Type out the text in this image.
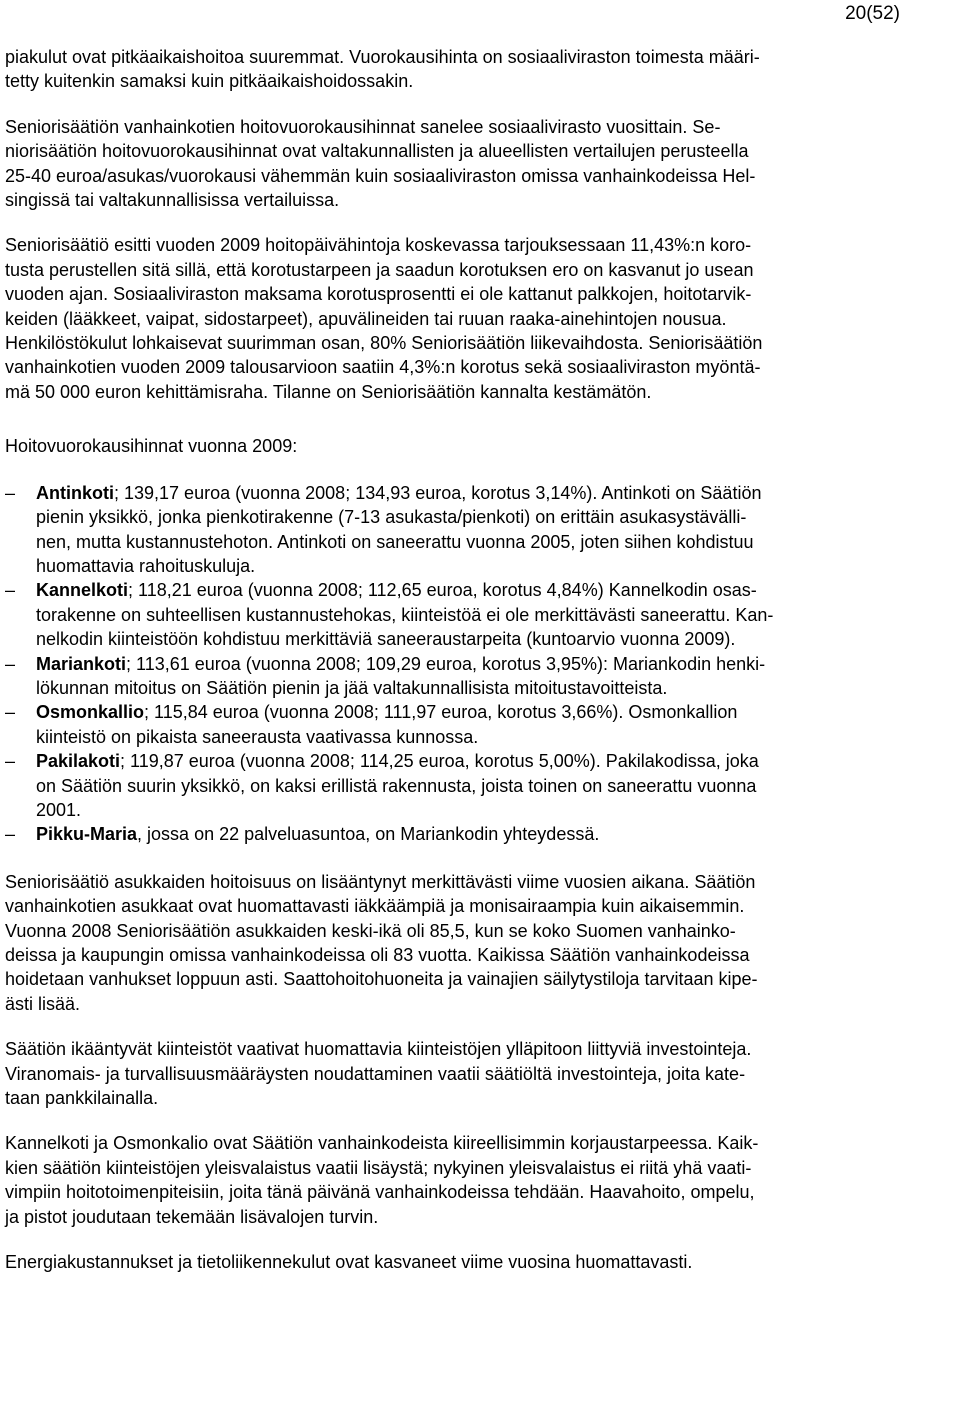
20(52)

piakulut ovat pitkäaikaishoitoa suuremmat. Vuorokausihinta on sosiaaliviraston toimesta määri-
tetty kuitenkin samaksi kuin pitkäaikaishoidossakin.

Seniorisäätiön vanhainkotien hoitovuorokausihinnat sanelee sosiaalivirasto vuosittain. Se-
niorisäätiön hoitovuorokausihinnat ovat valtakunnallisten ja alueellisten vertailujen perusteella
25-40 euroa/asukas/vuorokausi vähemmän kuin sosiaaliviraston omissa vanhainkodeissa Hel-
singissä tai valtakunnallisissa vertailuissa.

Seniorisäätiö esitti vuoden 2009 hoitopäivähintoja koskevassa tarjouksessaan 11,43%:n koro-
tusta perustellen sitä sillä, että korotustarpeen ja saadun korotuksen ero on kasvanut jo usean
vuoden ajan. Sosiaaliviraston maksama korotusprosentti ei ole kattanut palkkojen, hoitotarvik-
keiden (lääkkeet, vaipat, sidostarpeet), apuvälineiden tai ruuan raaka-ainehintojen nousua.
Henkilöstökulut lohkaisevat suurimman osan, 80% Seniorisäätiön liikevaihdosta. Seniorisäätiön
vanhainkotien vuoden 2009 talousarvioon saatiin 4,3%:n korotus sekä sosiaaliviraston myöntä-
mä 50 000 euron kehittämisraha. Tilanne on Seniorisäätiön kannalta kestämätön.

Hoitovuorokausihinnat vuonna 2009:

–	Antinkoti; 139,17 euroa (vuonna 2008; 134,93 euroa, korotus 3,14%). Antinkoti on Säätiön
pienin yksikkö, jonka pienkotirakenne (7-13 asukasta/pienkoti) on erittäin asukasystävälli-
nen, mutta kustannustehoton. Antinkoti on saneerattu vuonna 2005, joten siihen kohdistuu
huomattavia rahoituskuluja.
–	Kannelkoti; 118,21 euroa (vuonna 2008; 112,65 euroa, korotus 4,84%) Kannelkodin osas-
torakenne on suhteellisen kustannustehokas, kiinteistöä ei ole merkittävästi saneerattu. Kan-
nelkodin kiinteistöön kohdistuu merkittäviä saneeraustarpeita (kuntoarvio vuonna 2009).
–	Mariankoti; 113,61 euroa (vuonna 2008; 109,29 euroa, korotus 3,95%): Mariankodin henki-
lökunnan mitoitus on Säätiön pienin ja jää valtakunnallisista mitoitustavoitteista.
–	Osmonkallio; 115,84 euroa (vuonna 2008; 111,97 euroa, korotus 3,66%). Osmonkallion
kiinteistö on pikaista saneerausta vaativassa kunnossa.
–	Pakilakoti; 119,87 euroa (vuonna 2008; 114,25 euroa, korotus 5,00%). Pakilakodissa, joka
on Säätiön suurin yksikkö, on kaksi erillistä rakennusta, joista toinen on saneerattu vuonna
2001.
–	Pikku-Maria, jossa on 22 palveluasuntoa, on Mariankodin yhteydessä.

Seniorisäätiö asukkaiden hoitoisuus on lisääntynyt merkittävästi viime vuosien aikana. Säätiön
vanhainkotien asukkaat ovat huomattavasti iäkkäämpiä ja monisairaampia kuin aikaisemmin.
Vuonna 2008 Seniorisäätiön asukkaiden keski-ikä oli 85,5, kun se koko Suomen vanhainko-
deissa ja kaupungin omissa vanhainkodeissa oli 83 vuotta. Kaikissa Säätiön vanhainkodeissa
hoidetaan vanhukset loppuun asti. Saattohoitohuoneita ja vainajien säilytystiloja tarvitaan kipe-
ästi lisää.

Säätiön ikääntyvät kiinteistöt vaativat huomattavia kiinteistöjen ylläpitoon liittyviä investointeja.
Viranomais- ja turvallisuusmääräysten noudattaminen vaatii säätiöltä investointeja, joita kate-
taan pankkilainalla.

Kannelkoti ja Osmonkalio ovat Säätiön vanhainkodeista kiireellisimmin korjaustarpeessa. Kaik-
kien säätiön kiinteistöjen yleisvalaistus vaatii lisäystä; nykyinen yleisvalaistus ei riitä yhä vaati-
vimpiin hoitotoimenpiteisiin, joita tänä päivänä vanhainkodeissa tehdään. Haavahoito, ompelu,
ja pistot joudutaan tekemään lisävalojen turvin.

Energiakustannukset ja tietoliikennekulut ovat kasvaneet viime vuosina huomattavasti.
